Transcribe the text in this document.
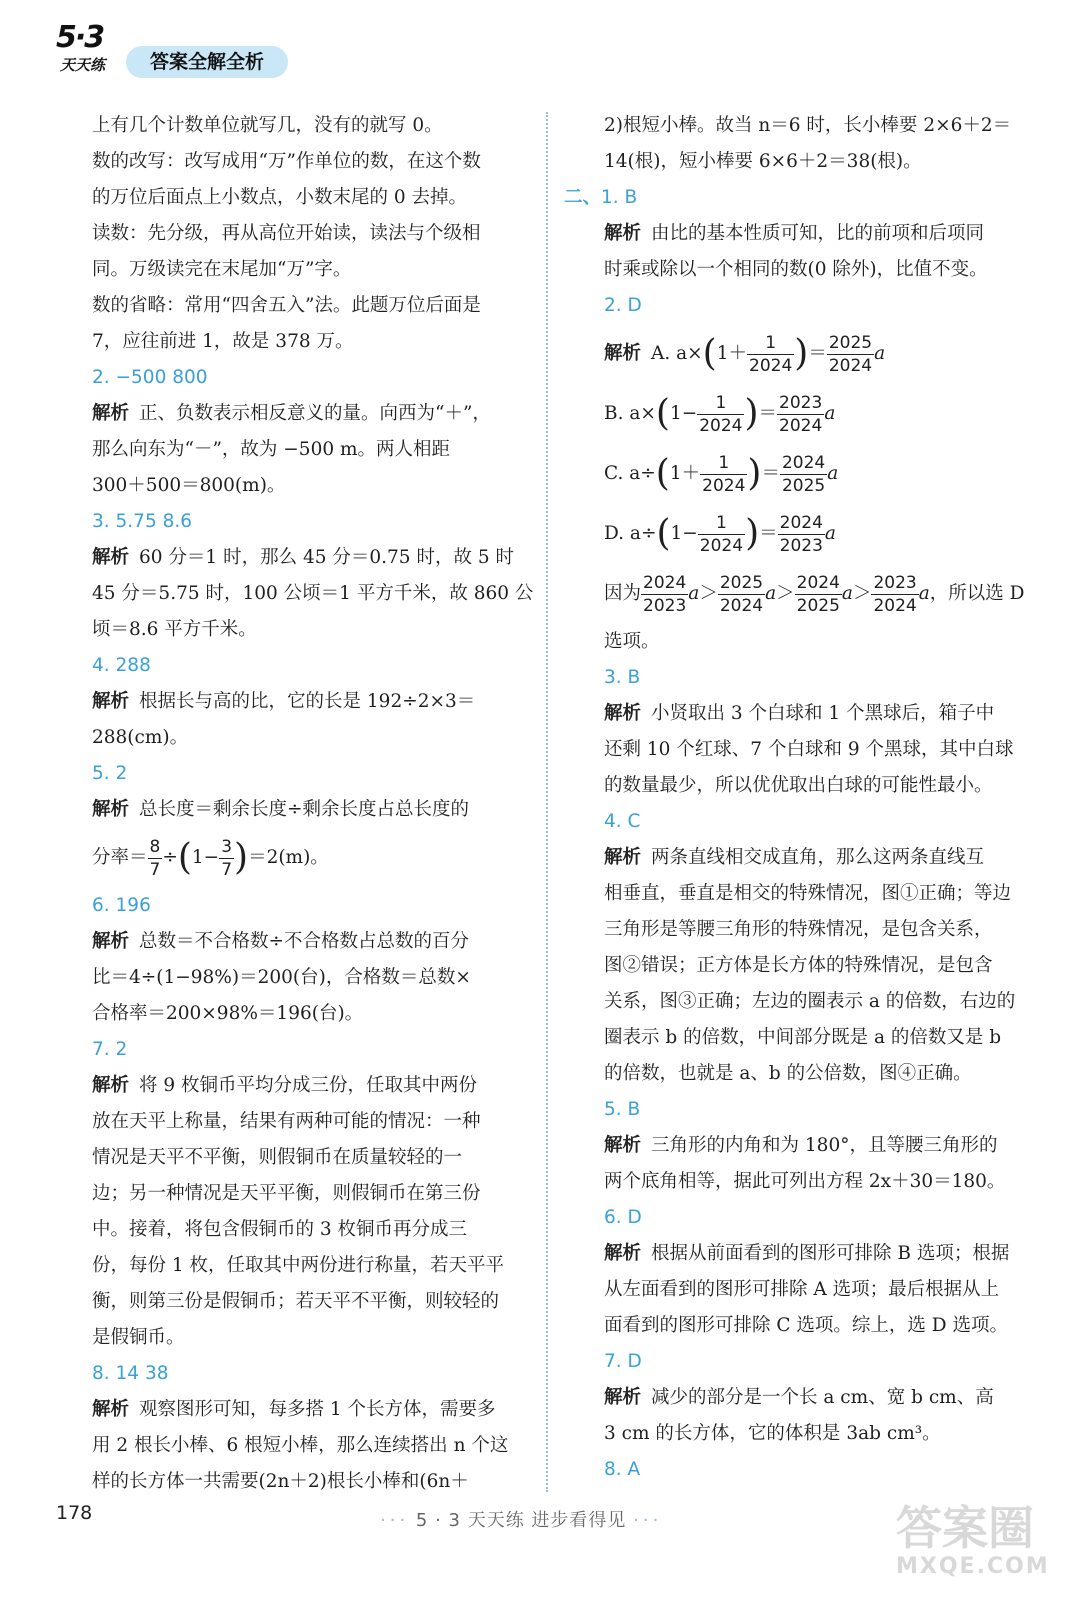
5·3
天天练	答案全解全析
上有几个计数单位就写几，没有的就写 0。
数的改写：改写成用“万”作单位的数，在这个数
的万位后面点上小数点，小数末尾的 0 去掉。
读数：先分级，再从高位开始读，读法与个级相
同。万级读完在末尾加“万”字。
数的省略：常用“四舍五入”法。此题万位后面是
7，应往前进 1，故是 378 万。
2. −500 800
解析 正、负数表示相反意义的量。向西为“＋”，
那么向东为“－”，故为 −500 m。两人相距
300＋500＝800(m)。
3. 5.75 8.6
解析 60 分＝1 时，那么 45 分＝0.75 时，故 5 时
45 分＝5.75 时，100 公顷＝1 平方千米，故 860 公
顷＝8.6 平方千米。
4. 288
解析 根据长与高的比，它的长是 192÷2×3＝
288(cm)。
5. 2
解析 总长度＝剩余长度÷剩余长度占总长度的
分率＝ $\frac{8}{7} \div(1- \frac{3}{7} )=2(m)$。
6. 196
解析 总数＝不合格数÷不合格数占总数的百分
比＝4÷(1−98%)＝200(台)，合格数＝总数×
合格率＝200×98%＝196(台)。
7. 2
解析 将 9 枚铜币平均分成三份，任取其中两份
放在天平上称量，结果有两种可能的情况：一种
情况是天平不平衡，则假铜币在质量较轻的一
边；另一种情况是天平平衡，则假铜币在第三份
中。接着，将包含假铜币的 3 枚铜币再分成三
份，每份 1 枚，任取其中两份进行称量，若天平平
衡，则第三份是假铜币；若天平不平衡，则较轻的
是假铜币。
8. 14 38
解析 观察图形可知，每多搭 1 个长方体，需要多
用 2 根长小棒、6 根短小棒，那么连续搭出 n 个这
样的长方体一共需要(2n＋2)根长小棒和(6n＋
2)根短小棒。故当 n＝6 时，长小棒要 2×6＋2＝
14(根)，短小棒要 6×6＋2＝38(根)。
二、1. B
解析 由比的基本性质可知，比的前项和后项同
时乘或除以一个相同的数(0 除外)，比值不变。
2. D
解析 A. $a\times(1+ \frac{1}{2024}$ )＝ $\frac{2025}{2024}$ a
B. $a\times(1- \frac{1}{2024}$ )＝ $\frac{2023}{2024}$ a
C. $a\div(1+ \frac{1}{2024}$ )＝ $\frac{2024}{2025}$ a
D. $a\div(1- \frac{1}{2024}$ )＝ $\frac{2024}{2023}$ a
因为 $\frac{2024}{2023} a> \frac{2025}{2024} a> \frac{2024}{2025} a> \frac{2023}{2024}$ a，所以选 D
选项。
3. B
解析 小贤取出 3 个白球和 1 个黑球后，箱子中
还剩 10 个红球、7 个白球和 9 个黑球，其中白球
的数量最少，所以优优取出白球的可能性最小。
4. C
解析 两条直线相交成直角，那么这两条直线互
相垂直，垂直是相交的特殊情况，图①正确；等边
三角形是等腰三角形的特殊情况，是包含关系，
图②错误；正方体是长方体的特殊情况，是包含
关系，图③正确；左边的圈表示 a 的倍数，右边的
圈表示 b 的倍数，中间部分既是 a 的倍数又是 b
的倍数，也就是 a、b 的公倍数，图④正确。
5. B
解析 三角形的内角和为 180°，且等腰三角形的
两个底角相等，据此可列出方程 2x＋30＝180。
6. D
解析 根据从前面看到的图形可排除 B 选项；根据
从左面看到的图形可排除 A 选项；最后根据从上
面看到的图形可排除 C 选项。综上，选 D 选项。
7. D
解析 减少的部分是一个长 a cm、宽 b cm、高
3 cm 的长方体，它的体积是 3ab cm³。
8. A
178	··· 5 · 3 天天练 进步看得见 ···	答案圈
MXQE.COM
